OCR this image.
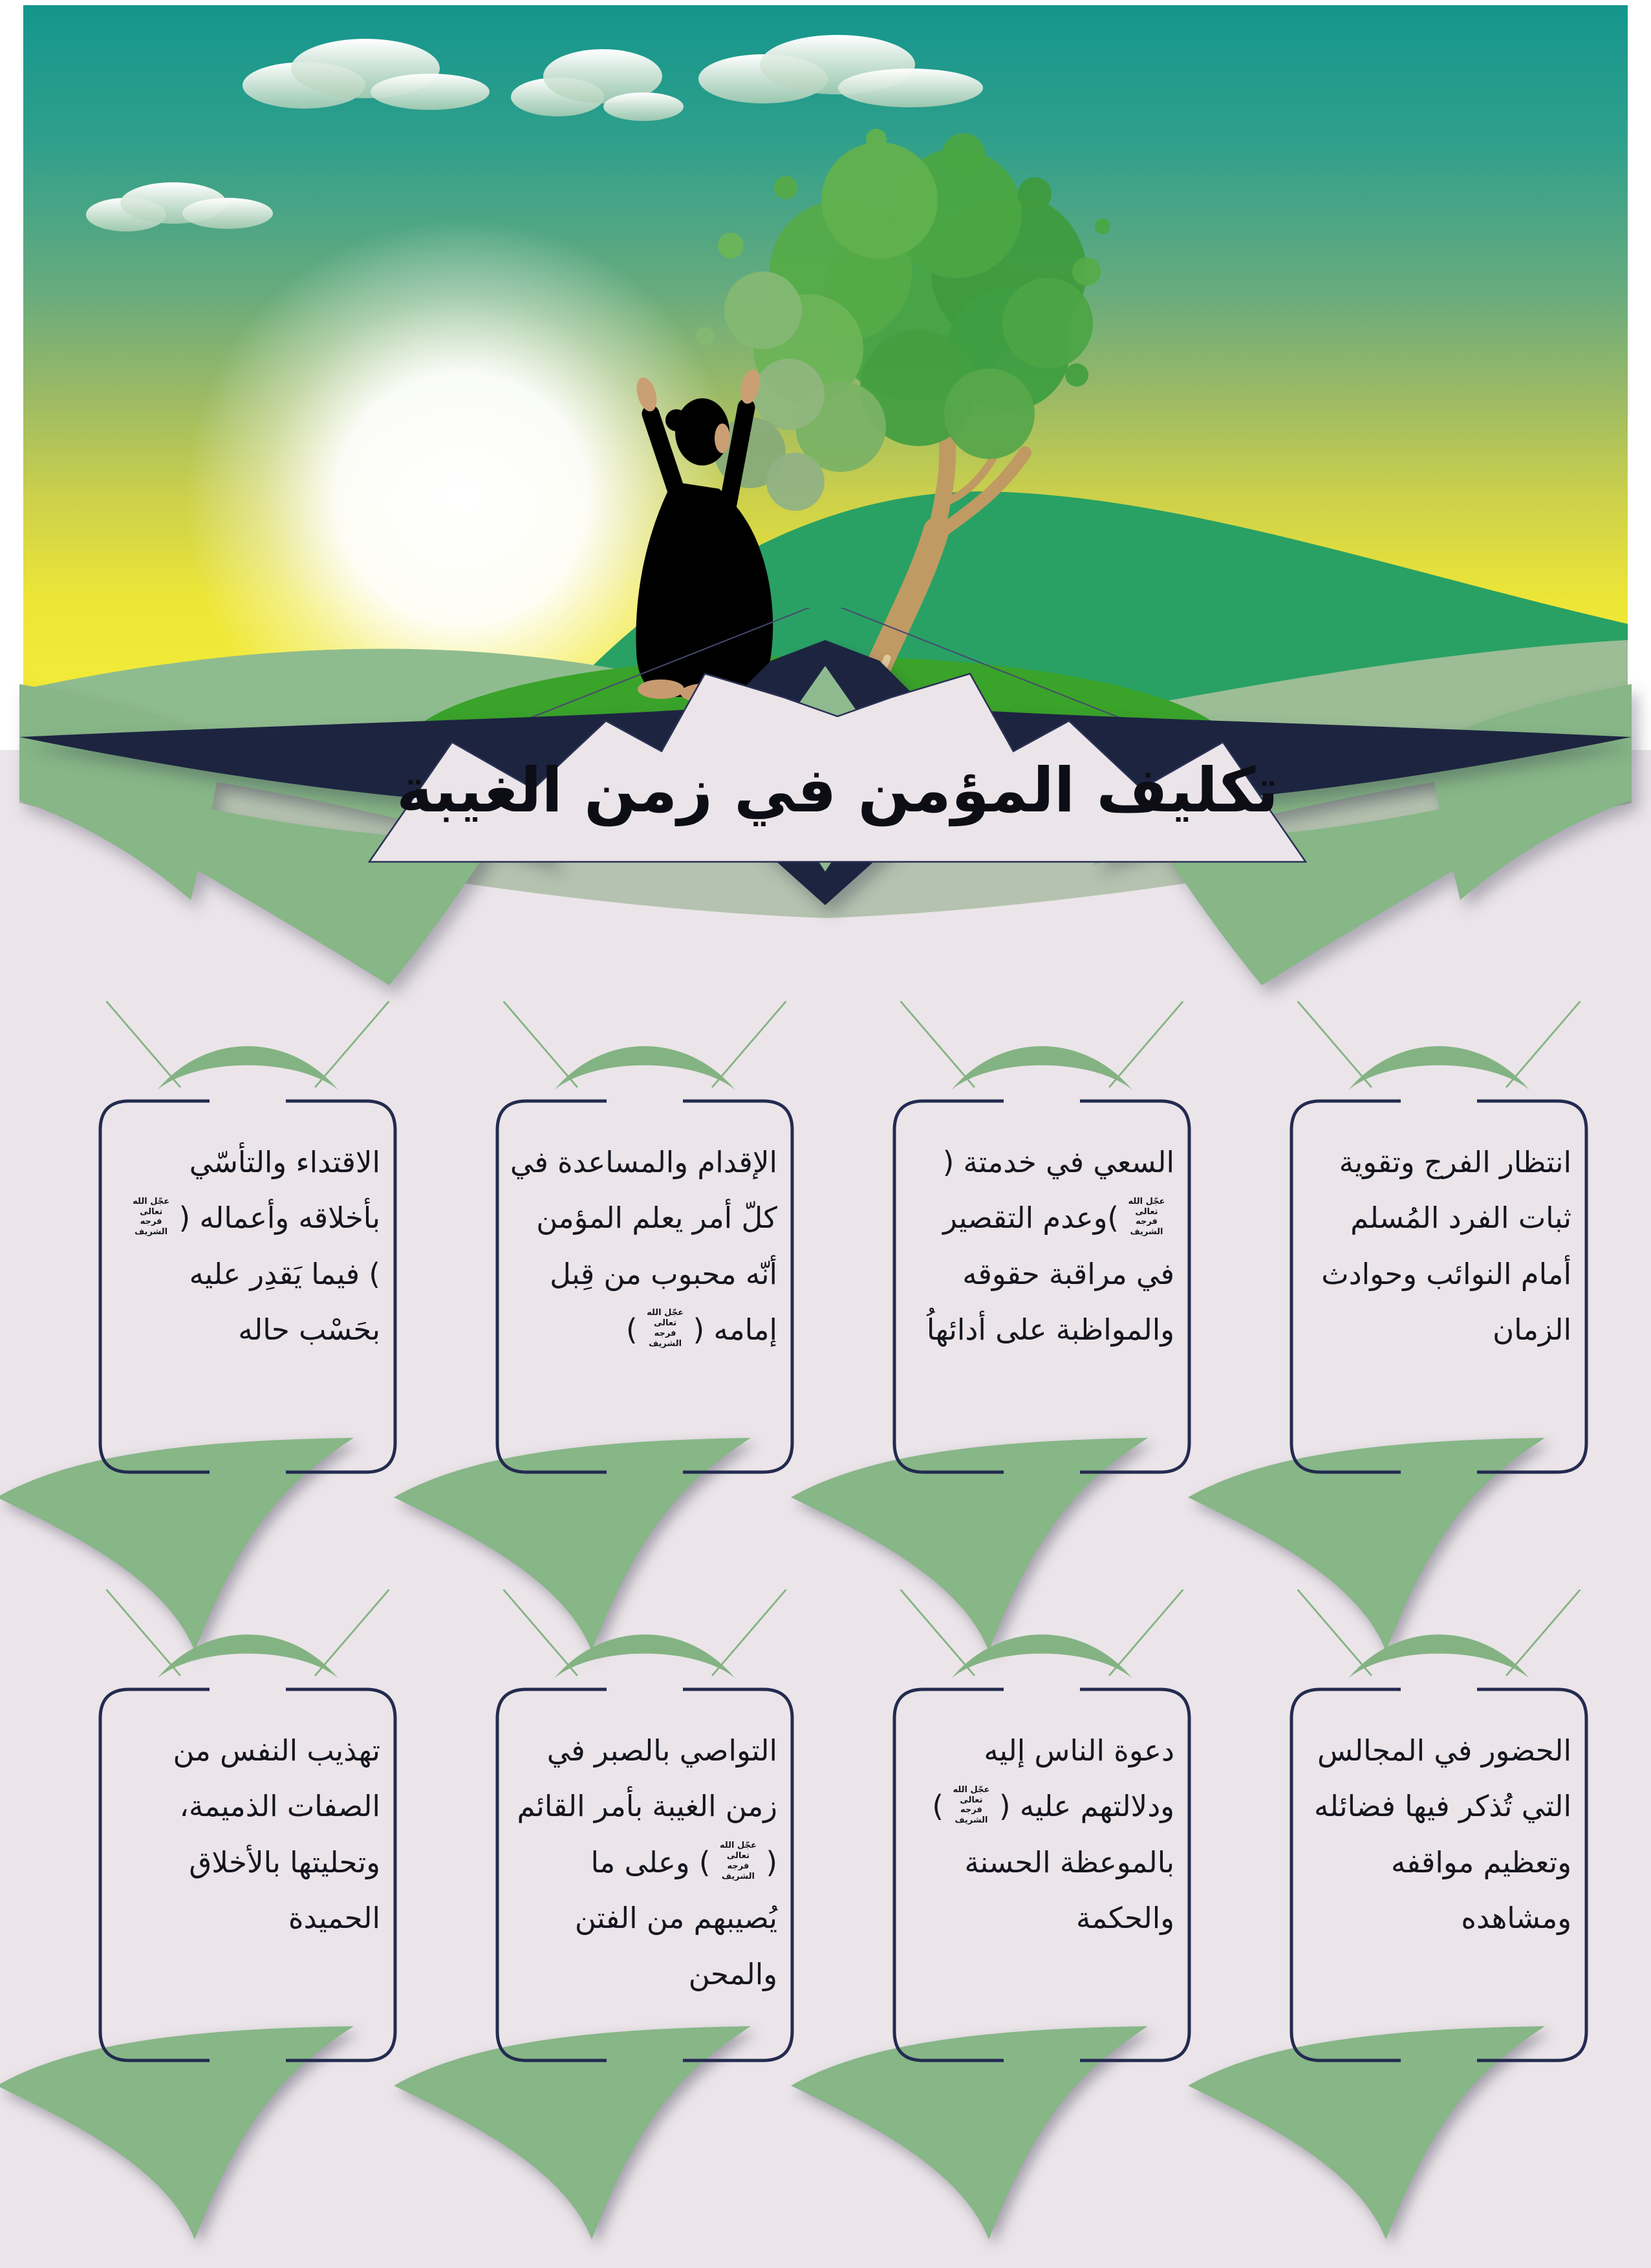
تكليف المؤمن في زمن الغيبة
انتظار الفرج وتقوية ثبات الفرد المُسلم أمام النوائب وحوادث الزمان
السعي في خدمتة (
عجّل الله تعالى
فرجه الشريف
)وعدم التقصير في مراقبة حقوقه والمواظبة على أدائهاُ
الإقدام والمساعدة في كلّ أمر يعلم المؤمن أنّه محبوب من قِبل إمامه (
عجّل الله تعالى
فرجه الشريف
)
الاقتداء والتأسّي بأخلاقه وأعماله (
عجّل الله تعالى
فرجه الشريف
) فيما يَقدِر عليه بحَسْب حاله
الحضور في المجالس التي تُذكر فيها فضائله وتعظيم مواقفه ومشاهده
دعوة الناس إليه ودلالتهم عليه (
عجّل الله تعالى
فرجه الشريف
) بالموعظة الحسنة والحكمة
التواصي بالصبر في زمن الغيبة بأمر القائم (
عجّل الله تعالى
فرجه الشريف
) وعلى ما يُصيبهم من الفتن والمحن
تهذيب النفس من الصفات الذميمة، وتحليتها بالأخلاق الحميدة
